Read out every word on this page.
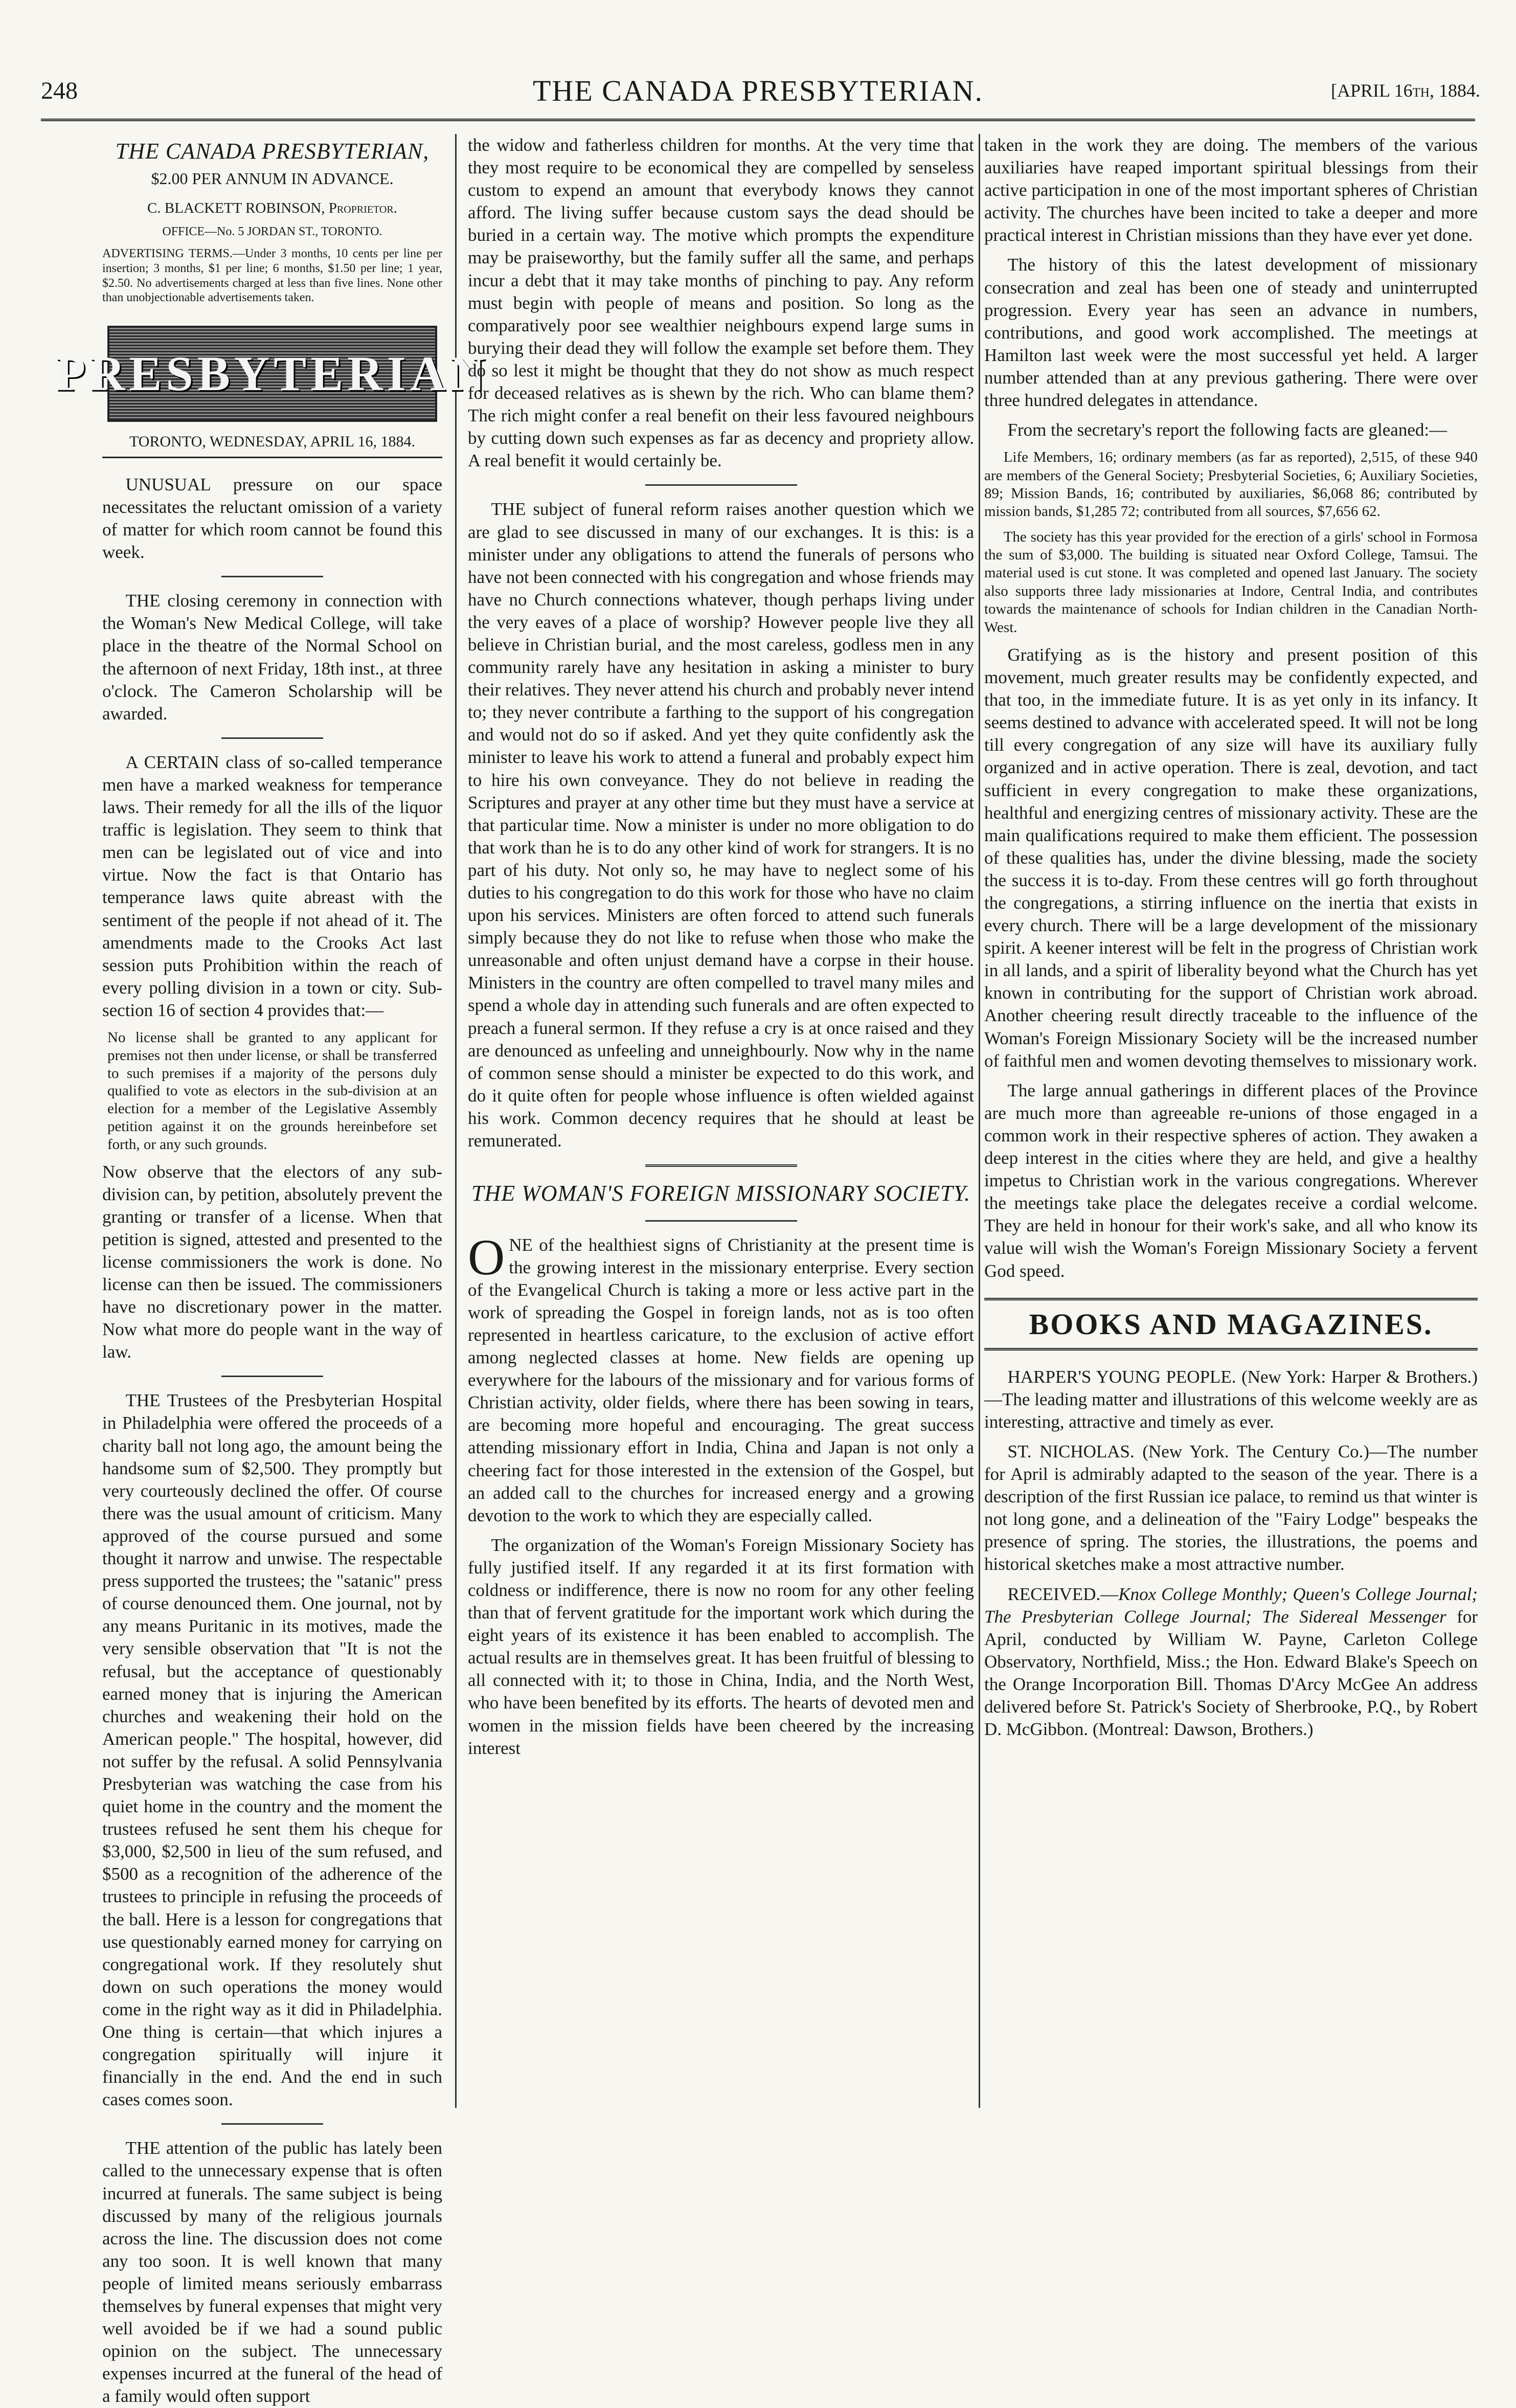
248	THE CANADA PRESBYTERIAN.	[APRIL 16th, 1884.
THE CANADA PRESBYTERIAN,
$2.00 PER ANNUM IN ADVANCE.

C. BLACKETT ROBINSON, Proprietor.

OFFICE—No. 5 JORDAN ST., TORONTO.

ADVERTISING TERMS.—Under 3 months, 10 cents per line per insertion; 3 months, $1 per line; 6 months, $1.50 per line; 1 year, $2.50. No advertisements charged at less than five lines. None other than unobjectionable advertisements taken.

PRESBYTERIAN
TORONTO, WEDNESDAY, APRIL 16, 1884.

UNUSUAL pressure on our space necessitates the reluctant omission of a variety of matter for which room cannot be found this week.

THE closing ceremony in connection with the Woman's New Medical College, will take place in the theatre of the Normal School on the afternoon of next Friday, 18th inst., at three o'clock. The Cameron Scholarship will be awarded.

A CERTAIN class of so-called temperance men have a marked weakness for temperance laws. Their remedy for all the ills of the liquor traffic is legislation. They seem to think that men can be legislated out of vice and into virtue. Now the fact is that Ontario has temperance laws quite abreast with the sentiment of the people if not ahead of it. The amendments made to the Crooks Act last session puts Prohibition within the reach of every polling division in a town or city. Sub-section 16 of section 4 provides that:—

No license shall be granted to any applicant for premises not then under license, or shall be transferred to such premises if a majority of the persons duly qualified to vote as electors in the sub-division at an election for a member of the Legislative Assembly petition against it on the grounds hereinbefore set forth, or any such grounds.

Now observe that the electors of any sub-division can, by petition, absolutely prevent the granting or transfer of a license. When that petition is signed, attested and presented to the license commissioners the work is done. No license can then be issued. The commissioners have no discretionary power in the matter. Now what more do people want in the way of law.

THE Trustees of the Presbyterian Hospital in Philadelphia were offered the proceeds of a charity ball not long ago, the amount being the handsome sum of $2,500. They promptly but very courteously declined the offer. Of course there was the usual amount of criticism. Many approved of the course pursued and some thought it narrow and unwise. The respectable press supported the trustees; the "satanic" press of course denounced them. One journal, not by any means Puritanic in its motives, made the very sensible observation that "It is not the refusal, but the acceptance of questionably earned money that is injuring the American churches and weakening their hold on the American people." The hospital, however, did not suffer by the refusal. A solid Pennsylvania Presbyterian was watching the case from his quiet home in the country and the moment the trustees refused he sent them his cheque for $3,000, $2,500 in lieu of the sum refused, and $500 as a recognition of the adherence of the trustees to principle in refusing the proceeds of the ball. Here is a lesson for congregations that use questionably earned money for carrying on congregational work. If they resolutely shut down on such operations the money would come in the right way as it did in Philadelphia. One thing is certain—that which injures a congregation spiritually will injure it financially in the end. And the end in such cases comes soon.

THE attention of the public has lately been called to the unnecessary expense that is often incurred at funerals. The same subject is being discussed by many of the religious journals across the line. The discussion does not come any too soon. It is well known that many people of limited means seriously embarrass themselves by funeral expenses that might very well avoided be if we had a sound public opinion on the subject. The unnecessary expenses incurred at the funeral of the head of a family would often support

the widow and fatherless children for months. At the very time that they most require to be economical they are compelled by senseless custom to expend an amount that everybody knows they cannot afford. The living suffer because custom says the dead should be buried in a certain way. The motive which prompts the expenditure may be praiseworthy, but the family suffer all the same, and perhaps incur a debt that it may take months of pinching to pay. Any reform must begin with people of means and position. So long as the comparatively poor see wealthier neighbours expend large sums in burying their dead they will follow the example set before them. They do so lest it might be thought that they do not show as much respect for deceased relatives as is shewn by the rich. Who can blame them? The rich might confer a real benefit on their less favoured neighbours by cutting down such expenses as far as decency and propriety allow. A real benefit it would certainly be.

THE subject of funeral reform raises another question which we are glad to see discussed in many of our exchanges. It is this: is a minister under any obligations to attend the funerals of persons who have not been connected with his congregation and whose friends may have no Church connections whatever, though perhaps living under the very eaves of a place of worship? However people live they all believe in Christian burial, and the most careless, godless men in any community rarely have any hesitation in asking a minister to bury their relatives. They never attend his church and probably never intend to; they never contribute a farthing to the support of his congregation and would not do so if asked. And yet they quite confidently ask the minister to leave his work to attend a funeral and probably expect him to hire his own conveyance. They do not believe in reading the Scriptures and prayer at any other time but they must have a service at that particular time. Now a minister is under no more obligation to do that work than he is to do any other kind of work for strangers. It is no part of his duty. Not only so, he may have to neglect some of his duties to his congregation to do this work for those who have no claim upon his services. Ministers are often forced to attend such funerals simply because they do not like to refuse when those who make the unreasonable and often unjust demand have a corpse in their house. Ministers in the country are often compelled to travel many miles and spend a whole day in attending such funerals and are often expected to preach a funeral sermon. If they refuse a cry is at once raised and they are denounced as unfeeling and unneighbourly. Now why in the name of common sense should a minister be expected to do this work, and do it quite often for people whose influence is often wielded against his work. Common decency requires that he should at least be remunerated.

THE WOMAN'S FOREIGN MISSIONARY SOCIETY.

ONE of the healthiest signs of Christianity at the present time is the growing interest in the missionary enterprise. Every section of the Evangelical Church is taking a more or less active part in the work of spreading the Gospel in foreign lands, not as is too often represented in heartless caricature, to the exclusion of active effort among neglected classes at home. New fields are opening up everywhere for the labours of the missionary and for various forms of Christian activity, older fields, where there has been sowing in tears, are becoming more hopeful and encouraging. The great success attending missionary effort in India, China and Japan is not only a cheering fact for those interested in the extension of the Gospel, but an added call to the churches for increased energy and a growing devotion to the work to which they are especially called.

The organization of the Woman's Foreign Missionary Society has fully justified itself. If any regarded it at its first formation with coldness or indifference, there is now no room for any other feeling than that of fervent gratitude for the important work which during the eight years of its existence it has been enabled to accomplish. The actual results are in themselves great. It has been fruitful of blessing to all connected with it; to those in China, India, and the North West, who have been benefited by its efforts. The hearts of devoted men and women in the mission fields have been cheered by the increasing interest

taken in the work they are doing. The members of the various auxiliaries have reaped important spiritual blessings from their active participation in one of the most important spheres of Christian activity. The churches have been incited to take a deeper and more practical interest in Christian missions than they have ever yet done.

The history of this the latest development of missionary consecration and zeal has been one of steady and uninterrupted progression. Every year has seen an advance in numbers, contributions, and good work accomplished. The meetings at Hamilton last week were the most successful yet held. A larger number attended than at any previous gathering. There were over three hundred delegates in attendance.

From the secretary's report the following facts are gleaned:—

Life Members, 16; ordinary members (as far as reported), 2,515, of these 940 are members of the General Society; Presbyterial Societies, 6; Auxiliary Societies, 89; Mission Bands, 16; contributed by auxiliaries, $6,068 86; contributed by mission bands, $1,285 72; contributed from all sources, $7,656 62.

The society has this year provided for the erection of a girls' school in Formosa the sum of $3,000. The building is situated near Oxford College, Tamsui. The material used is cut stone. It was completed and opened last January. The society also supports three lady missionaries at Indore, Central India, and contributes towards the maintenance of schools for Indian children in the Canadian North-West.

Gratifying as is the history and present position of this movement, much greater results may be confidently expected, and that too, in the immediate future. It is as yet only in its infancy. It seems destined to advance with accelerated speed. It will not be long till every congregation of any size will have its auxiliary fully organized and in active operation. There is zeal, devotion, and tact sufficient in every congregation to make these organizations, healthful and energizing centres of missionary activity. These are the main qualifications required to make them efficient. The possession of these qualities has, under the divine blessing, made the society the success it is to-day. From these centres will go forth throughout the congregations, a stirring influence on the inertia that exists in every church. There will be a large development of the missionary spirit. A keener interest will be felt in the progress of Christian work in all lands, and a spirit of liberality beyond what the Church has yet known in contributing for the support of Christian work abroad. Another cheering result directly traceable to the influence of the Woman's Foreign Missionary Society will be the increased number of faithful men and women devoting themselves to missionary work.

The large annual gatherings in different places of the Province are much more than agreeable re-unions of those engaged in a common work in their respective spheres of action. They awaken a deep interest in the cities where they are held, and give a healthy impetus to Christian work in the various congregations. Wherever the meetings take place the delegates receive a cordial welcome. They are held in honour for their work's sake, and all who know its value will wish the Woman's Foreign Missionary Society a fervent God speed.

BOOKS AND MAGAZINES.

HARPER'S YOUNG PEOPLE. (New York: Harper & Brothers.)—The leading matter and illustrations of this welcome weekly are as interesting, attractive and timely as ever.

ST. NICHOLAS. (New York. The Century Co.)—The number for April is admirably adapted to the season of the year. There is a description of the first Russian ice palace, to remind us that winter is not long gone, and a delineation of the "Fairy Lodge" bespeaks the presence of spring. The stories, the illustrations, the poems and historical sketches make a most attractive number.

RECEIVED.—Knox College Monthly; Queen's College Journal; The Presbyterian College Journal; The Sidereal Messenger for April, conducted by William W. Payne, Carleton College Observatory, Northfield, Miss.; the Hon. Edward Blake's Speech on the Orange Incorporation Bill. Thomas D'Arcy McGee An address delivered before St. Patrick's Society of Sherbrooke, P.Q., by Robert D. McGibbon. (Montreal: Dawson, Brothers.)
